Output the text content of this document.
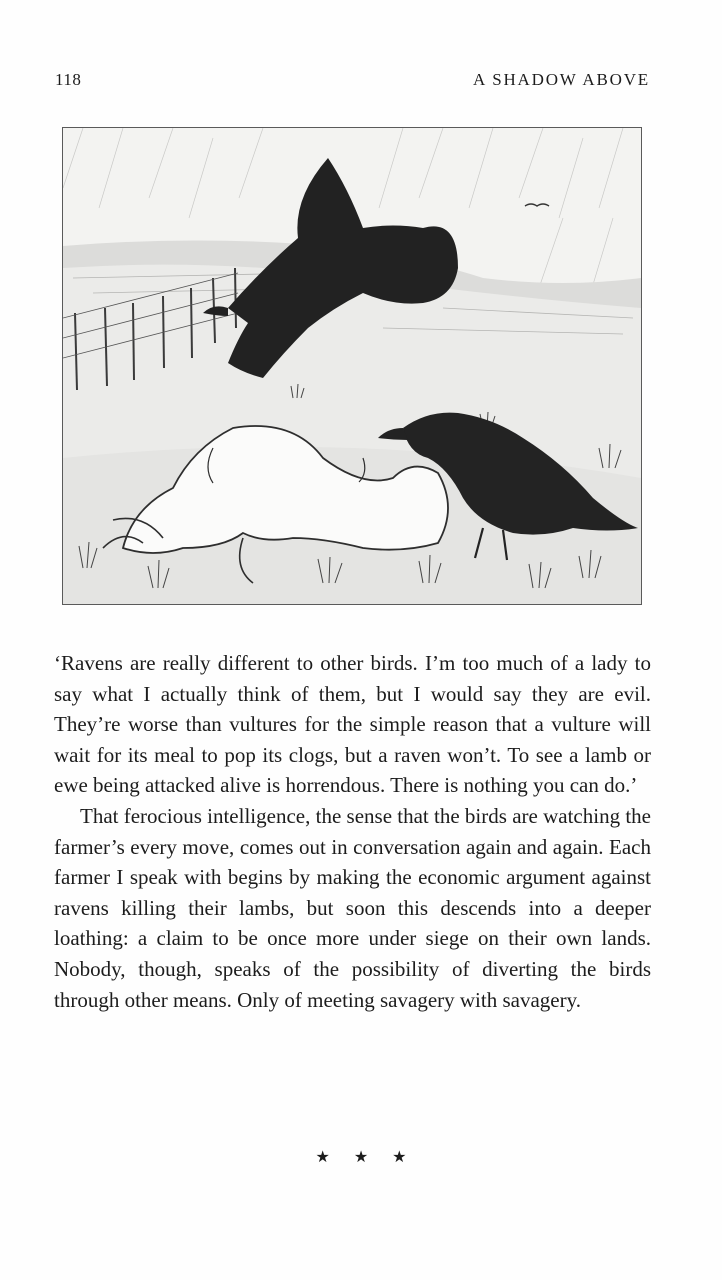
118	A SHADOW ABOVE

‘Ravens are really different to other birds. I’m too much of a lady to say what I actually think of them, but I would say they are evil. They’re worse than vultures for the simple reason that a vulture will wait for its meal to pop its clogs, but a raven won’t. To see a lamb or ewe being attacked alive is horrendous. There is nothing you can do.’

That ferocious intelligence, the sense that the birds are watching the farmer’s every move, comes out in conversation again and again. Each farmer I speak with begins by making the economic argument against ravens killing their lambs, but soon this descends into a deeper loathing: a claim to be once more under siege on their own lands. Nobody, though, speaks of the possibility of diverting the birds through other means. Only of meeting savagery with savagery.

★ ★ ★
